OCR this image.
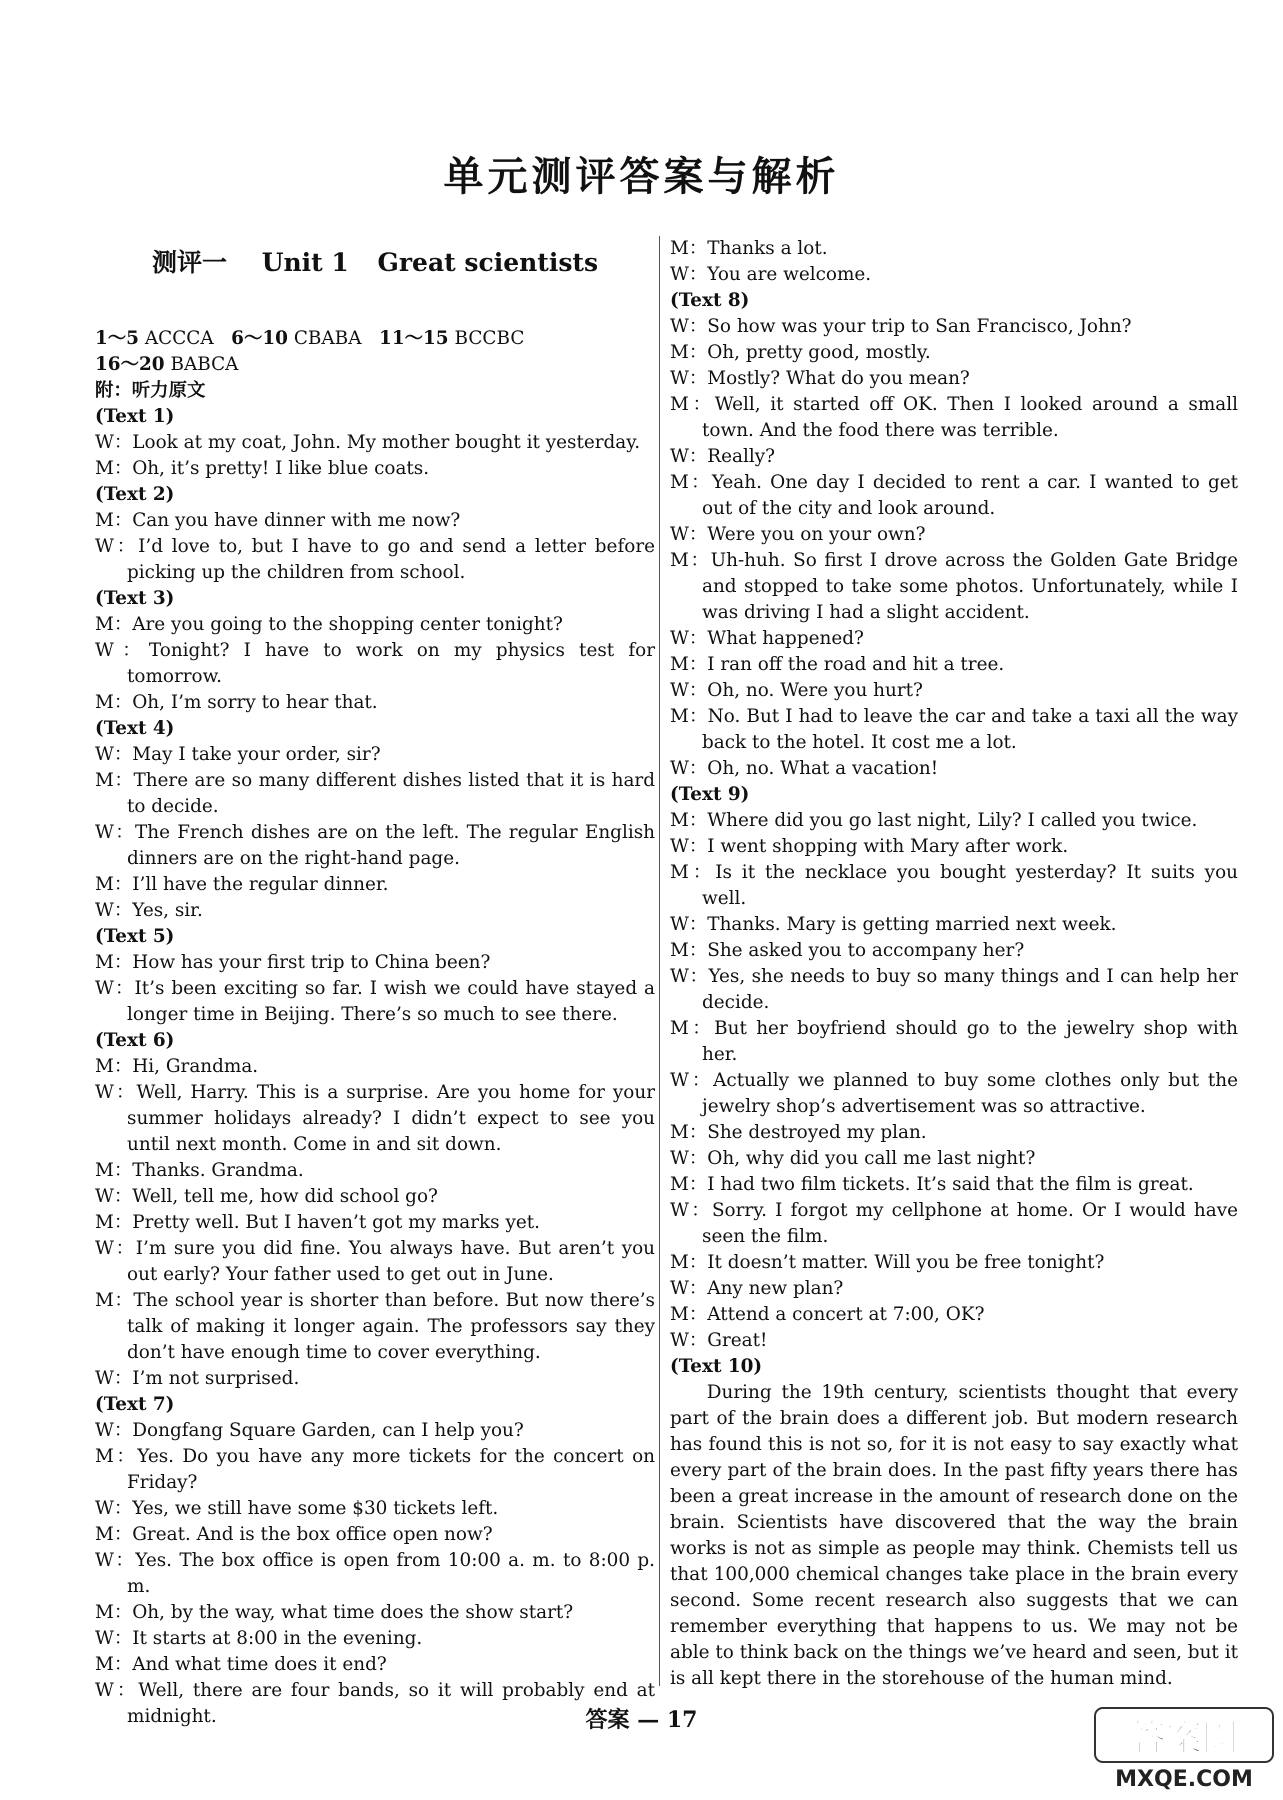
单元测评答案与解析
测评一 Unit 1 Great scientists
1～5 ACCCA 6～10 CBABA 11～15 BCCBC
16～20 BABCA
附：听力原文
(Text 1)
W：Look at my coat, John. My mother bought it yesterday.
M：Oh, it’s pretty! I like blue coats.
(Text 2)
M：Can you have dinner with me now?
W：I’d love to, but I have to go and send a letter before picking up the children from school.
(Text 3)
M：Are you going to the shopping center tonight?
W：Tonight? I have to work on my physics test for tomorrow.
M：Oh, I’m sorry to hear that.
(Text 4)
W：May I take your order, sir?
M：There are so many different dishes listed that it is hard to decide.
W：The French dishes are on the left. The regular English dinners are on the right-hand page.
M：I’ll have the regular dinner.
W：Yes, sir.
(Text 5)
M：How has your first trip to China been?
W：It’s been exciting so far. I wish we could have stayed a longer time in Beijing. There’s so much to see there.
(Text 6)
M：Hi, Grandma.
W：Well, Harry. This is a surprise. Are you home for your summer holidays already? I didn’t expect to see you until next month. Come in and sit down.
M：Thanks. Grandma.
W：Well, tell me, how did school go?
M：Pretty well. But I haven’t got my marks yet.
W：I’m sure you did fine. You always have. But aren’t you out early? Your father used to get out in June.
M：The school year is shorter than before. But now there’s talk of making it longer again. The professors say they don’t have enough time to cover everything.
W：I’m not surprised.
(Text 7)
W：Dongfang Square Garden, can I help you?
M：Yes. Do you have any more tickets for the concert on Friday?
W：Yes, we still have some $30 tickets left.
M：Great. And is the box office open now?
W：Yes. The box office is open from 10:00 a. m. to 8:00 p. m.
M：Oh, by the way, what time does the show start?
W：It starts at 8:00 in the evening.
M：And what time does it end?
W：Well, there are four bands, so it will probably end at midnight.
M：Thanks a lot.
W：You are welcome.
(Text 8)
W：So how was your trip to San Francisco, John?
M：Oh, pretty good, mostly.
W：Mostly? What do you mean?
M：Well, it started off OK. Then I looked around a small town. And the food there was terrible.
W：Really?
M：Yeah. One day I decided to rent a car. I wanted to get out of the city and look around.
W：Were you on your own?
M：Uh-huh. So first I drove across the Golden Gate Bridge and stopped to take some photos. Unfortunately, while I was driving I had a slight accident.
W：What happened?
M：I ran off the road and hit a tree.
W：Oh, no. Were you hurt?
M：No. But I had to leave the car and take a taxi all the way back to the hotel. It cost me a lot.
W：Oh, no. What a vacation!
(Text 9)
M：Where did you go last night, Lily? I called you twice.
W：I went shopping with Mary after work.
M：Is it the necklace you bought yesterday? It suits you well.
W：Thanks. Mary is getting married next week.
M：She asked you to accompany her?
W：Yes, she needs to buy so many things and I can help her decide.
M：But her boyfriend should go to the jewelry shop with her.
W：Actually we planned to buy some clothes only but the jewelry shop’s advertisement was so attractive.
M：She destroyed my plan.
W：Oh, why did you call me last night?
M：I had two film tickets. It’s said that the film is great.
W：Sorry. I forgot my cellphone at home. Or I would have seen the film.
M：It doesn’t matter. Will you be free tonight?
W：Any new plan?
M：Attend a concert at 7:00, OK?
W：Great!
(Text 10)
During the 19th century, scientists thought that every part of the brain does a different job. But modern research has found this is not so, for it is not easy to say exactly what every part of the brain does. In the past fifty years there has been a great increase in the amount of research done on the brain. Scientists have discovered that the way the brain works is not as simple as people may think. Chemists tell us that 100,000 chemical changes take place in the brain every second. Some recent research also suggests that we can remember everything that happens to us. We may not be able to think back on the things we’ve heard and seen, but it is all kept there in the storehouse of the human mind.
答案 — 17	答案圈
MXQE.COM
